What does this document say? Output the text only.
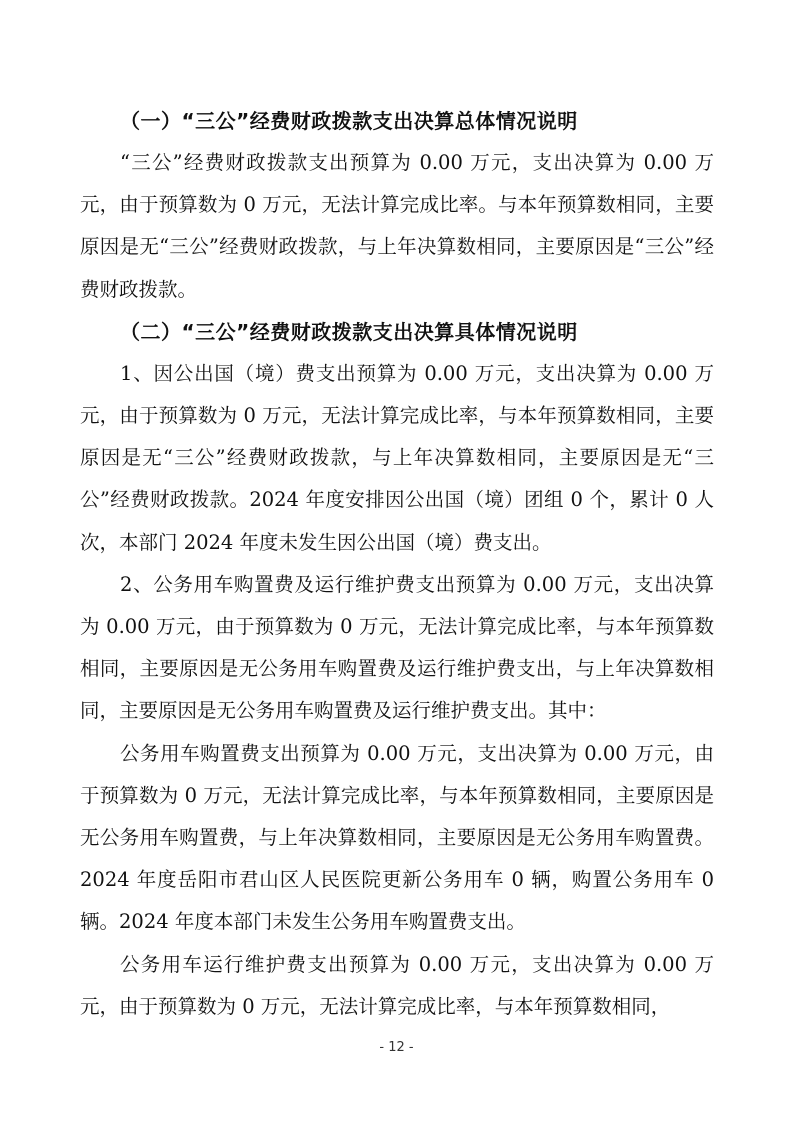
（一）“三公”经费财政拨款支出决算总体情况说明

“三公”经费财政拨款支出预算为 0.00 万元，支出决算为 0.00 万元，由于预算数为 0 万元，无法计算完成比率。与本年预算数相同，主要原因是无“三公”经费财政拨款，与上年决算数相同，主要原因是“三公”经费财政拨款。

（二）“三公”经费财政拨款支出决算具体情况说明

1、因公出国（境）费支出预算为 0.00 万元，支出决算为 0.00 万元，由于预算数为 0 万元，无法计算完成比率，与本年预算数相同，主要原因是无“三公”经费财政拨款，与上年决算数相同，主要原因是无“三公”经费财政拨款。2024 年度安排因公出国（境）团组 0 个，累计 0 人次，本部门 2024 年度未发生因公出国（境）费支出。

2、公务用车购置费及运行维护费支出预算为 0.00 万元，支出决算为 0.00 万元，由于预算数为 0 万元，无法计算完成比率，与本年预算数相同，主要原因是无公务用车购置费及运行维护费支出，与上年决算数相同，主要原因是无公务用车购置费及运行维护费支出。其中：

公务用车购置费支出预算为 0.00 万元，支出决算为 0.00 万元，由于预算数为 0 万元，无法计算完成比率，与本年预算数相同，主要原因是无公务用车购置费，与上年决算数相同，主要原因是无公务用车购置费。2024 年度岳阳市君山区人民医院更新公务用车 0 辆，购置公务用车 0 辆。2024 年度本部门未发生公务用车购置费支出。

公务用车运行维护费支出预算为 0.00 万元，支出决算为 0.00 万元，由于预算数为 0 万元，无法计算完成比率，与本年预算数相同，

- 12 -
